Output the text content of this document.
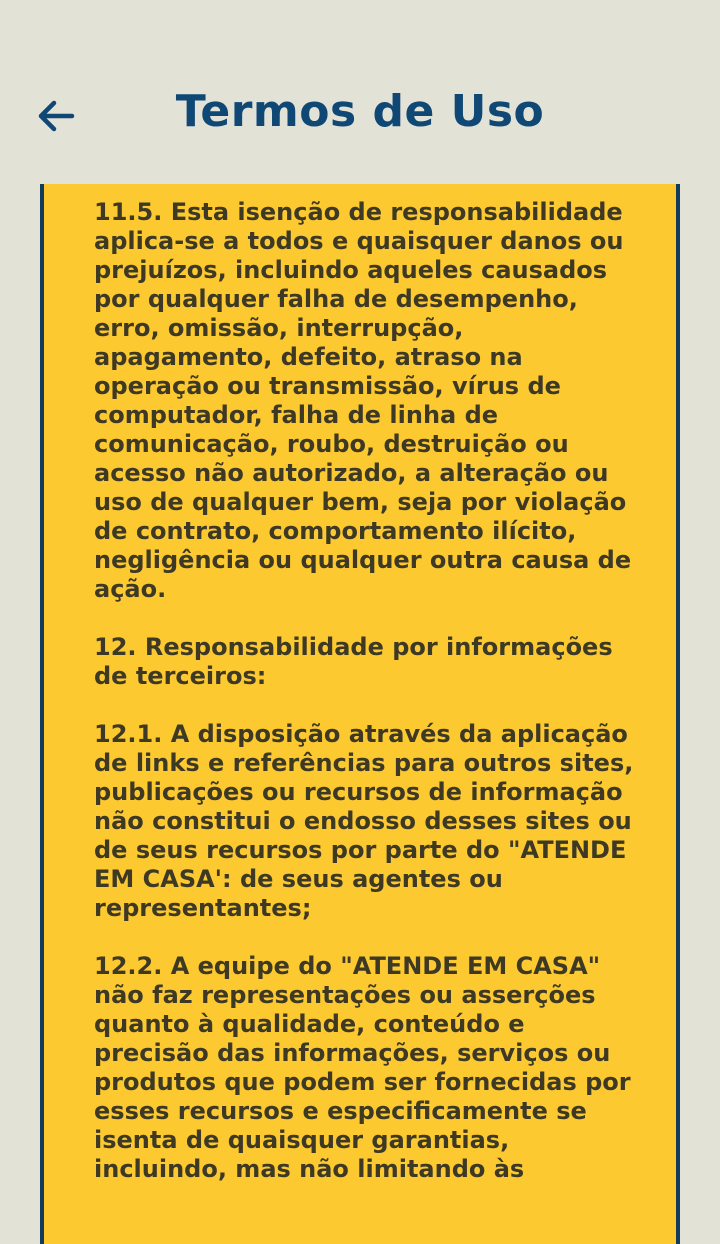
Termos de Uso

11.5. Esta isenção de responsabilidade aplica-se a todos e quaisquer danos ou prejuízos, incluindo aqueles causados por qualquer falha de desempenho, erro, omissão, interrupção, apagamento, defeito, atraso na operação ou transmissão, vírus de computador, falha de linha de comunicação, roubo, destruição ou acesso não autorizado, a alteração ou uso de qualquer bem, seja por violação de contrato, comportamento ilícito, negligência ou qualquer outra causa de ação.

12. Responsabilidade por informações de terceiros:

12.1. A disposição através da aplicação de links e referências para outros sites, publicações ou recursos de informação não constitui o endosso desses sites ou de seus recursos por parte do "ATENDE EM CASA': de seus agentes ou representantes;

12.2. A equipe do "ATENDE EM CASA" não faz representações ou asserções quanto à qualidade, conteúdo e precisão das informações, serviços ou produtos que podem ser fornecidas por esses recursos e especificamente se isenta de quaisquer garantias, incluindo, mas não limitando às
